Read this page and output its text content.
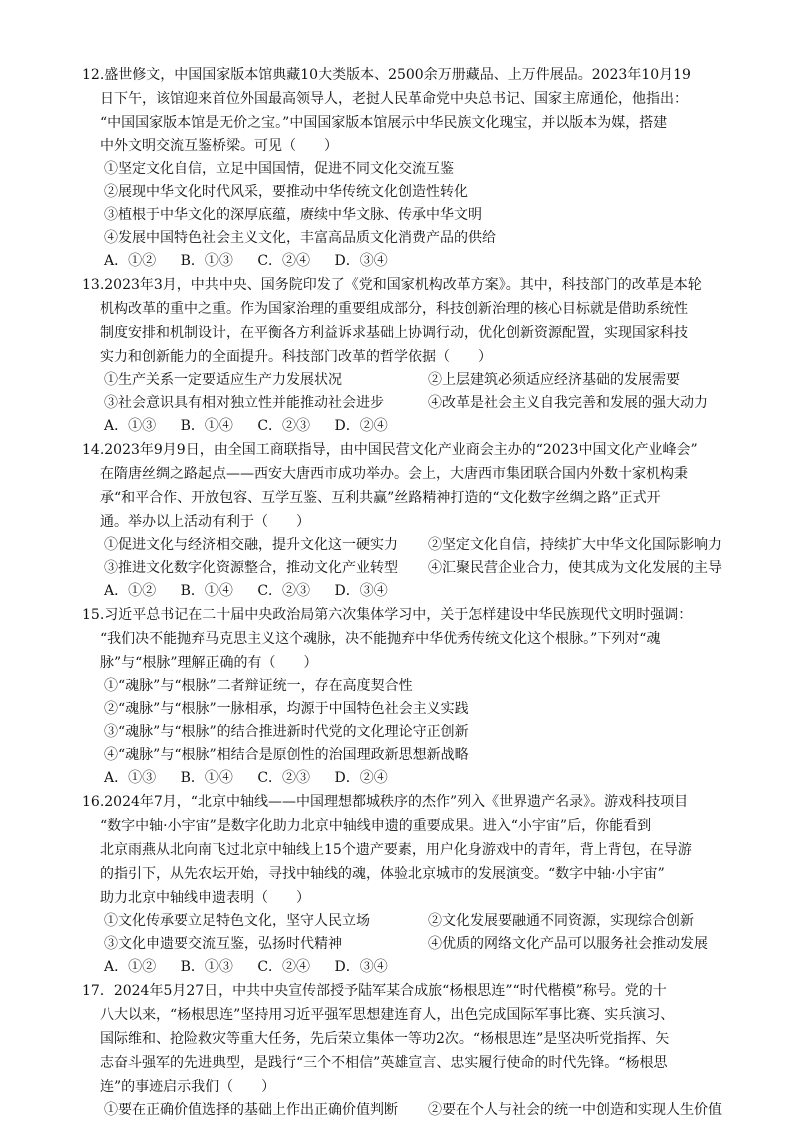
12.盛世修文，中国国家版本馆典藏10大类版本、2500余万册藏品、上万件展品。2023年10月19
日下午，该馆迎来首位外国最高领导人，老挝人民革命党中央总书记、国家主席通伦，他指出：
“中国国家版本馆是无价之宝。”中国国家版本馆展示中华民族文化瑰宝，并以版本为媒，搭建
中外文明交流互鉴桥梁。可见（　　）
①坚定文化自信，立足中国国情，促进不同文化交流互鉴
②展现中华文化时代风采，要推动中华传统文化创造性转化
③植根于中华文化的深厚底蕴，赓续中华文脉、传承中华文明
④发展中国特色社会主义文化，丰富高品质文化消费产品的供给
A．①② B．①③ C．②④ D．③④
13.2023年3月，中共中央、国务院印发了《党和国家机构改革方案》。其中，科技部门的改革是本轮
机构改革的重中之重。作为国家治理的重要组成部分，科技创新治理的核心目标就是借助系统性
制度安排和机制设计，在平衡各方利益诉求基础上协调行动，优化创新资源配置，实现国家科技
实力和创新能力的全面提升。科技部门改革的哲学依据（　　）
①生产关系一定要适应生产力发展状况	②上层建筑必须适应经济基础的发展需要
③社会意识具有相对独立性并能推动社会进步	④改革是社会主义自我完善和发展的强大动力
A．①③ B．①④ C．②③ D．②④
14.2023年9月9日，由全国工商联指导，由中国民营文化产业商会主办的“2023中国文化产业峰会”
在隋唐丝绸之路起点——西安大唐西市成功举办。会上，大唐西市集团联合国内外数十家机构秉
承“和平合作、开放包容、互学互鉴、互利共赢”丝路精神打造的“文化数字丝绸之路”正式开
通。举办以上活动有利于（　　）
①促进文化与经济相交融，提升文化这一硬实力 ②坚定文化自信，持续扩大中华文化国际影响力
③推进文化数字化资源整合，推动文化产业转型 ④汇聚民营企业合力，使其成为文化发展的主导
A．①② B．①④ C．②③ D．③④
15.习近平总书记在二十届中央政治局第六次集体学习中，关于怎样建设中华民族现代文明时强调：
“我们决不能抛弃马克思主义这个魂脉，决不能抛弃中华优秀传统文化这个根脉。”下列对“魂
脉”与“根脉”理解正确的有（　　）
①“魂脉”与“根脉”二者辩证统一，存在高度契合性
②“魂脉”与“根脉”一脉相承，均源于中国特色社会主义实践
③“魂脉”与“根脉”的结合推进新时代党的文化理论守正创新
④“魂脉”与“根脉”相结合是原创性的治国理政新思想新战略
A．①③ B．①④ C．②③ D．②④
16.2024年7月，“北京中轴线——中国理想都城秩序的杰作”列入《世界遗产名录》。游戏科技项目
“数字中轴·小宇宙”是数字化助力北京中轴线申遗的重要成果。进入“小宇宙”后，你能看到
北京雨燕从北向南飞过北京中轴线上15个遗产要素，用户化身游戏中的青年，背上背包，在导游
的指引下，从先农坛开始，寻找中轴线的魂，体验北京城市的发展演变。“数字中轴·小宇宙”
助力北京中轴线申遗表明（　　）
①文化传承要立足特色文化，坚守人民立场	②文化发展要融通不同资源，实现综合创新
③文化申遗要交流互鉴，弘扬时代精神	④优质的网络文化产品可以服务社会推动发展
A．①② B．①③ C．②④ D．③④
17．2024年5月27日，中共中央宣传部授予陆军某合成旅“杨根思连”“时代楷模”称号。党的十
八大以来，“杨根思连”坚持用习近平强军思想建连育人，出色完成国际军事比赛、实兵演习、
国际维和、抢险救灾等重大任务，先后荣立集体一等功2次。“杨根思连”是坚决听党指挥、矢
志奋斗强军的先进典型，是践行“三个不相信”英雄宣言、忠实履行使命的时代先锋。“杨根思
连”的事迹启示我们（　　）
①要在正确价值选择的基础上作出正确价值判断 ②要在个人与社会的统一中创造和实现人生价值
